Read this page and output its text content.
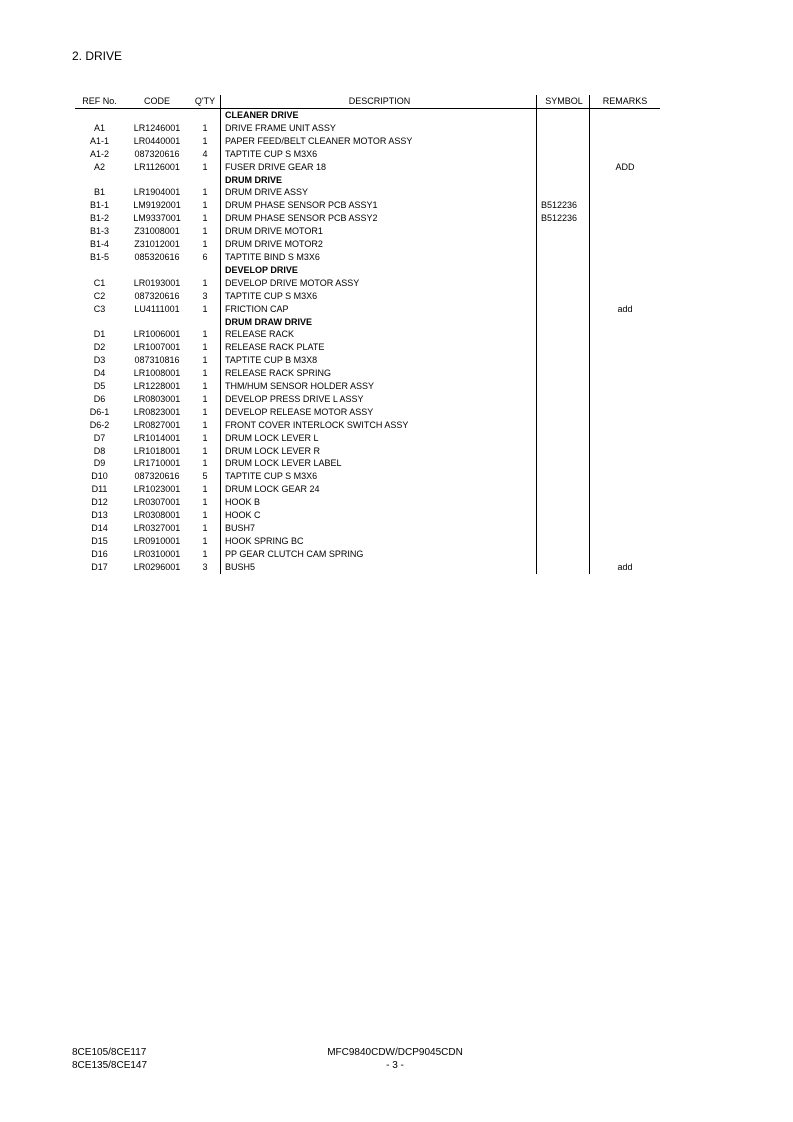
2. DRIVE
REF No.	CODE	Q'TY	DESCRIPTION	SYMBOL	REMARKS
			CLEANER DRIVE		
A1	LR1246001	1	DRIVE FRAME UNIT ASSY		
A1-1	LR0440001	1	PAPER FEED/BELT CLEANER MOTOR ASSY		
A1-2	087320616	4	TAPTITE CUP S M3X6		
A2	LR1126001	1	FUSER DRIVE GEAR 18		ADD
			DRUM DRIVE		
B1	LR1904001	1	DRUM DRIVE ASSY		
B1-1	LM9192001	1	DRUM PHASE SENSOR PCB ASSY1	B512236	
B1-2	LM9337001	1	DRUM PHASE SENSOR PCB ASSY2	B512236	
B1-3	Z31008001	1	DRUM DRIVE MOTOR1		
B1-4	Z31012001	1	DRUM DRIVE MOTOR2		
B1-5	085320616	6	TAPTITE BIND S M3X6		
			DEVELOP DRIVE		
C1	LR0193001	1	DEVELOP DRIVE MOTOR ASSY		
C2	087320616	3	TAPTITE CUP S M3X6		
C3	LU4111001	1	FRICTION CAP		add
			DRUM DRAW DRIVE		
D1	LR1006001	1	RELEASE RACK		
D2	LR1007001	1	RELEASE RACK PLATE		
D3	087310816	1	TAPTITE CUP B M3X8		
D4	LR1008001	1	RELEASE RACK SPRING		
D5	LR1228001	1	THM/HUM SENSOR HOLDER ASSY		
D6	LR0803001	1	DEVELOP PRESS DRIVE L ASSY		
D6-1	LR0823001	1	DEVELOP RELEASE MOTOR ASSY		
D6-2	LR0827001	1	FRONT COVER INTERLOCK SWITCH ASSY		
D7	LR1014001	1	DRUM LOCK LEVER L		
D8	LR1018001	1	DRUM LOCK LEVER R		
D9	LR1710001	1	DRUM LOCK LEVER LABEL		
D10	087320616	5	TAPTITE CUP S M3X6		
D11	LR1023001	1	DRUM LOCK GEAR 24		
D12	LR0307001	1	HOOK B		
D13	LR0308001	1	HOOK C		
D14	LR0327001	1	BUSH7		
D15	LR0910001	1	HOOK SPRING BC		
D16	LR0310001	1	PP GEAR CLUTCH CAM SPRING		
D17	LR0296001	3	BUSH5		add
8CE105/8CE117
8CE135/8CE147
MFC9840CDW/DCP9045CDN
- 3 -
